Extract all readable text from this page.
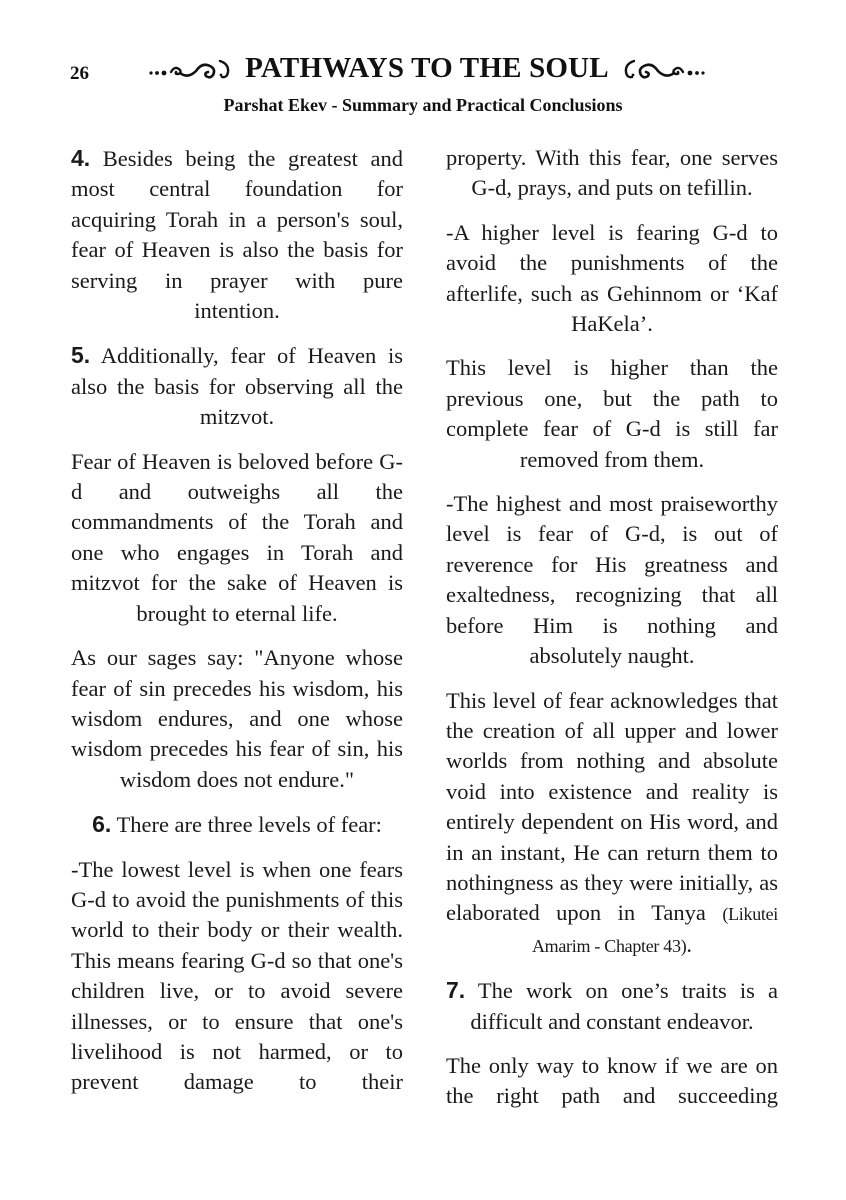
26	PATHWAYS TO THE SOUL
Parshat Ekev - Summary and Practical Conclusions

4. Besides being the greatest and most central foundation for acquiring Torah in a person's soul, fear of Heaven is also the basis for serving in prayer with pure intention.

5. Additionally, fear of Heaven is also the basis for observing all the mitzvot.

Fear of Heaven is beloved before G-d and outweighs all the commandments of the Torah and one who engages in Torah and mitzvot for the sake of Heaven is brought to eternal life.

As our sages say: "Anyone whose fear of sin precedes his wisdom, his wisdom endures, and one whose wisdom precedes his fear of sin, his wisdom does not endure."

6. There are three levels of fear:

-The lowest level is when one fears G-d to avoid the punishments of this world to their body or their wealth. This means fearing G-d so that one's children live, or to avoid severe illnesses, or to ensure that one's livelihood is not harmed, or to prevent damage to their

property. With this fear, one serves G-d, prays, and puts on tefillin.

-A higher level is fearing G-d to avoid the punishments of the afterlife, such as Gehinnom or ‘Kaf HaKela’.

This level is higher than the previous one, but the path to complete fear of G-d is still far removed from them.

-The highest and most praiseworthy level is fear of G-d, is out of reverence for His greatness and exaltedness, recognizing that all before Him is nothing and absolutely naught.

This level of fear acknowledges that the creation of all upper and lower worlds from nothing and absolute void into existence and reality is entirely dependent on His word, and in an instant, He can return them to nothingness as they were initially, as elaborated upon in Tanya (Likutei Amarim - Chapter 43).

7. The work on one’s traits is a difficult and constant endeavor.

The only way to know if we are on the right path and succeeding
